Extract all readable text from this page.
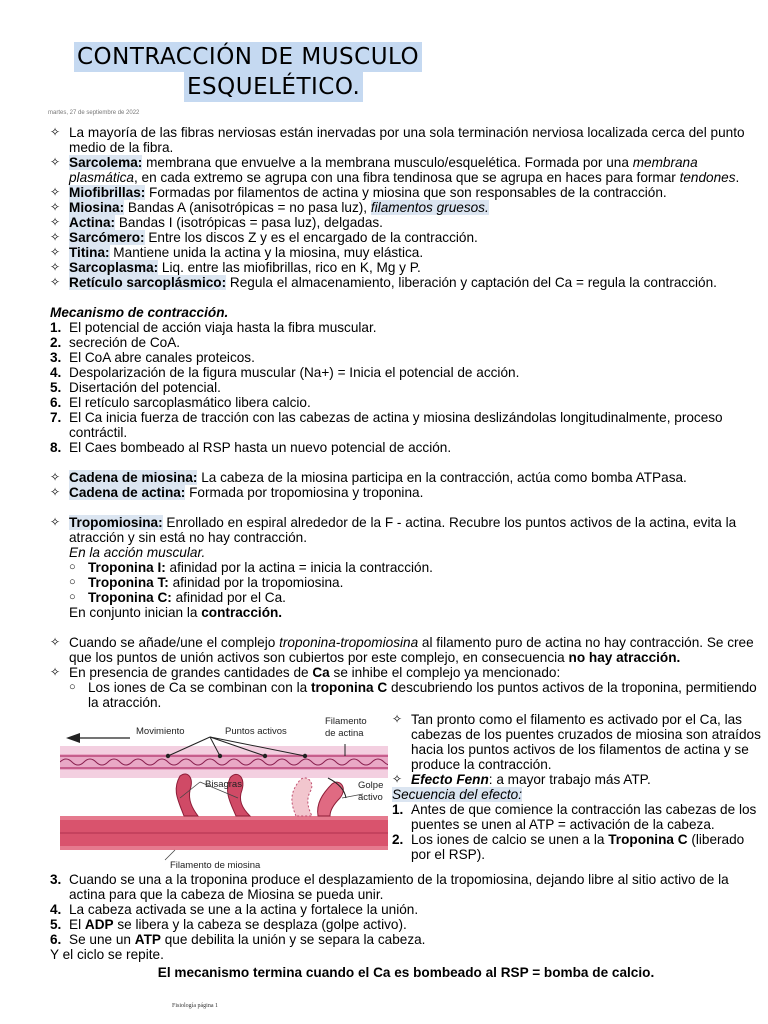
CONTRACCIÓN DE MUSCULO
ESQUELÉTICO.
martes, 27 de septiembre de 2022
✧ La mayoría de las fibras nerviosas están inervadas por una sola terminación nerviosa localizada cerca del punto medio de la fibra.
✧ Sarcolema: membrana que envuelve a la membrana musculo/esquelética. Formada por una membrana plasmática, en cada extremo se agrupa con una fibra tendinosa que se agrupa en haces para formar tendones.
✧ Miofibrillas: Formadas por filamentos de actina y miosina que son responsables de la contracción.
✧ Miosina: Bandas A (anisotrópicas = no pasa luz), filamentos gruesos.
✧ Actina: Bandas I (isotrópicas = pasa luz), delgadas.
✧ Sarcómero: Entre los discos Z y es el encargado de la contracción.
✧ Titina: Mantiene unida la actina y la miosina, muy elástica.
✧ Sarcoplasma: Liq. entre las miofibrillas, rico en K, Mg y P.
✧ Retículo sarcoplásmico: Regula el almacenamiento, liberación y captación del Ca = regula la contracción.
Mecanismo de contracción.
1. El potencial de acción viaja hasta la fibra muscular.
2. secreción de CoA.
3. El CoA abre canales proteicos.
4. Despolarización de la figura muscular (Na+) = Inicia el potencial de acción.
5. Disertación del potencial.
6. El retículo sarcoplasmático libera calcio.
7. El Ca inicia fuerza de tracción con las cabezas de actina y miosina deslizándolas longitudinalmente, proceso contráctil.
8. El Caes bombeado al RSP hasta un nuevo potencial de acción.
✧ Cadena de miosina: La cabeza de la miosina participa en la contracción, actúa como bomba ATPasa.
✧ Cadena de actina: Formada por tropomiosina y troponina.
✧ Tropomiosina: Enrollado en espiral alrededor de la F - actina. Recubre los puntos activos de la actina, evita la atracción y sin está no hay contracción.
En la acción muscular.
○ Troponina I: afinidad por la actina = inicia la contracción.
○ Troponina T: afinidad por la tropomiosina.
○ Troponina C: afinidad por el Ca.
En conjunto inician la contracción.
✧ Cuando se añade/une el complejo troponina-tropomiosina al filamento puro de actina no hay contracción. Se cree que los puntos de unión activos son cubiertos por este complejo, en consecuencia no hay atracción.
✧ En presencia de grandes cantidades de Ca se inhibe el complejo ya mencionado:
○ Los iones de Ca se combinan con la troponina C descubriendo los puntos activos de la troponina, permitiendo la atracción.
Movimiento	Puntos activos
Filamento
de actina
Bisagras	Golpe
activo
Filamento de miosina
✧ Tan pronto como el filamento es activado por el Ca, las cabezas de los puentes cruzados de miosina son atraídos hacia los puntos activos de los filamentos de actina y se produce la contracción.
✧ Efecto Fenn: a mayor trabajo más ATP.
Secuencia del efecto:
1. Antes de que comience la contracción las cabezas de los puentes se unen al ATP = activación de la cabeza.
2. Los iones de calcio se unen a la Troponina C (liberado por el RSP).
3. Cuando se una a la troponina produce el desplazamiento de la tropomiosina, dejando libre al sitio activo de la actina para que la cabeza de Miosina se pueda unir.
4. La cabeza activada se une a la actina y fortalece la unión.
5. El ADP se libera y la cabeza se desplaza (golpe activo).
6. Se une un ATP que debilita la unión y se separa la cabeza.
Y el ciclo se repite.
El mecanismo termina cuando el Ca es bombeado al RSP = bomba de calcio.
Fisiología página 1
